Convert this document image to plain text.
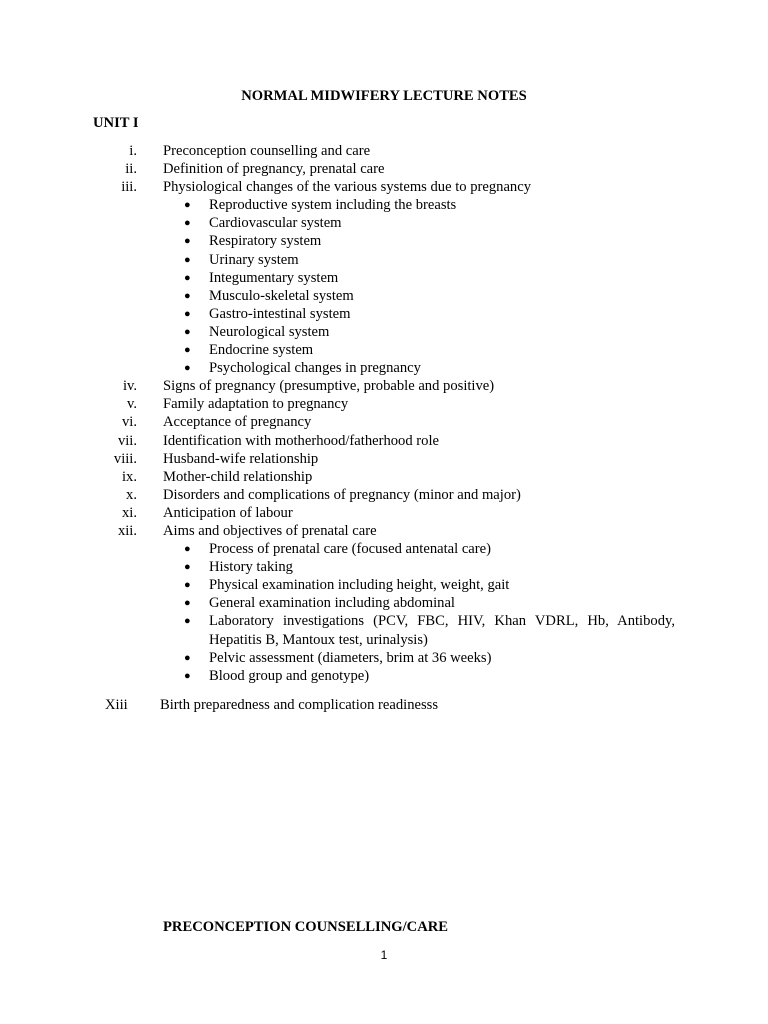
NORMAL MIDWIFERY LECTURE NOTES
UNIT I
i. Preconception counselling and care
ii. Definition of pregnancy, prenatal care
iii. Physiological changes of the various systems due to pregnancy
● Reproductive system including the breasts
● Cardiovascular system
● Respiratory system
● Urinary system
● Integumentary system
● Musculo-skeletal system
● Gastro-intestinal system
● Neurological system
● Endocrine system
● Psychological changes in pregnancy
iv. Signs of pregnancy (presumptive, probable and positive)
v. Family adaptation to pregnancy
vi. Acceptance of pregnancy
vii. Identification with motherhood/fatherhood role
viii. Husband-wife relationship
ix. Mother-child relationship
x. Disorders and complications of pregnancy (minor and major)
xi. Anticipation of labour
xii. Aims and objectives of prenatal care
● Process of prenatal care (focused antenatal care)
● History taking
● Physical examination including height, weight, gait
● General examination including abdominal
● Laboratory investigations (PCV, FBC, HIV, Khan VDRL, Hb, Antibody, Hepatitis B, Mantoux test, urinalysis)
● Pelvic assessment (diameters, brim at 36 weeks)
● Blood group and genotype)
Xiii Birth preparedness and complication readinesss
PRECONCEPTION COUNSELLING/CARE
1
